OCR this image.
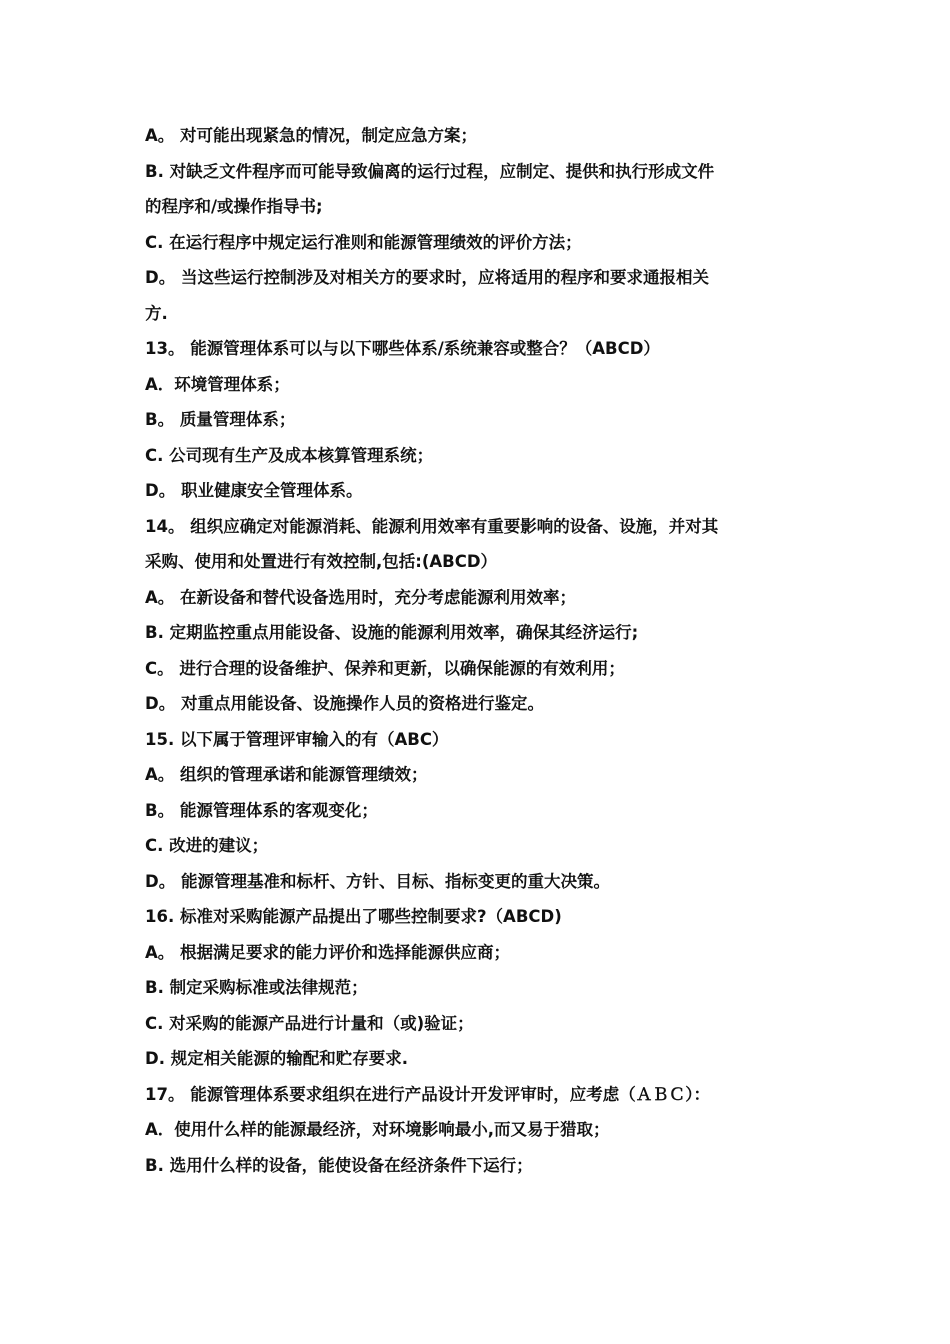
A。 对可能出现紧急的情况，制定应急方案；
B. 对缺乏文件程序而可能导致偏离的运行过程，应制定、提供和执行形成文件
的程序和/或操作指导书;
C. 在运行程序中规定运行准则和能源管理绩效的评价方法；
D。 当这些运行控制涉及对相关方的要求时，应将适用的程序和要求通报相关
方.
13。 能源管理体系可以与以下哪些体系/系统兼容或整合？（ABCD）
A．环境管理体系；
B。 质量管理体系；
C. 公司现有生产及成本核算管理系统；
D。 职业健康安全管理体系。
14。 组织应确定对能源消耗、能源利用效率有重要影响的设备、设施，并对其
采购、使用和处置进行有效控制,包括:(ABCD）
A。 在新设备和替代设备选用时，充分考虑能源利用效率；
B. 定期监控重点用能设备、设施的能源利用效率，确保其经济运行;
C。 进行合理的设备维护、保养和更新，以确保能源的有效利用；
D。 对重点用能设备、设施操作人员的资格进行鉴定。
15. 以下属于管理评审输入的有（ABC）
A。 组织的管理承诺和能源管理绩效；
B。 能源管理体系的客观变化；
C. 改进的建议；
D。 能源管理基准和标杆、方针、目标、指标变更的重大决策。
16. 标准对采购能源产品提出了哪些控制要求?（ABCD)
A。 根据满足要求的能力评价和选择能源供应商；
B. 制定采购标准或法律规范；
C. 对采购的能源产品进行计量和（或)验证；
D. 规定相关能源的输配和贮存要求.
17。 能源管理体系要求组织在进行产品设计开发评审时，应考虑（ＡＢＣ）：
A．使用什么样的能源最经济，对环境影响最小,而又易于猎取；
B. 选用什么样的设备，能使设备在经济条件下运行；
